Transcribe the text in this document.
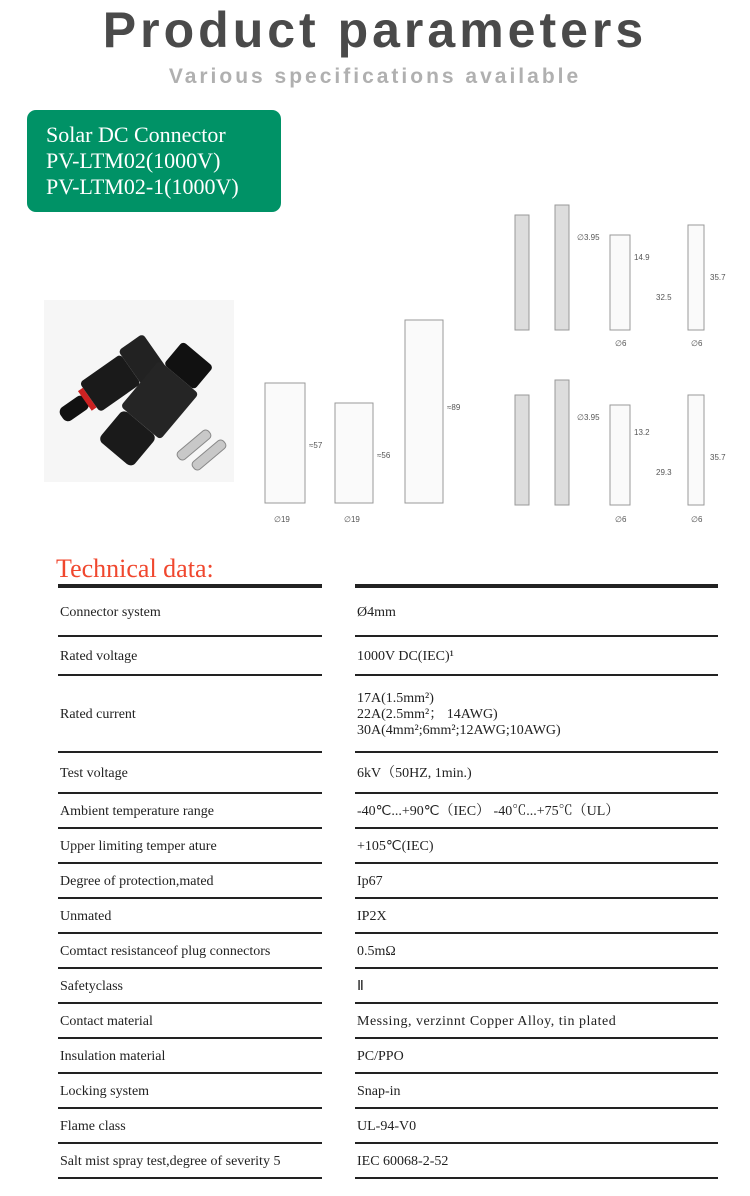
Product parameters
Various specifications available
Solar DC Connector
PV-LTM02(1000V)
PV-LTM02-1(1000V)
∅19	∅19
≈57
≈56
≈89
∅3.95
14.9
32.5
35.7
∅3.95
13.2
29.3
35.7
∅6	∅6
∅6	∅6
Technical data:
Connector system	Ø4mm
Rated voltage	1000V DC(IEC)¹
Rated current
17A(1.5mm²)
22A(2.5mm²； 14AWG)
30A(4mm²;6mm²;12AWG;10AWG)
Test voltage	6kV（50HZ, 1min.)
Ambient temperature range	-40℃...+90℃（IEC） -40℃...+75℃（UL）
Upper limiting temper ature	+105℃(IEC)
Degree of protection,mated	Ip67
Unmated	IP2X
Comtact resistanceof plug connectors	0.5mΩ
Safetyclass	Ⅱ
Contact material	Messing, verzinnt Copper Alloy, tin plated
Insulation material	PC/PPO
Locking system	Snap-in
Flame class	UL-94-V0
Salt mist spray test,degree of severity 5	IEC 60068-2-52
